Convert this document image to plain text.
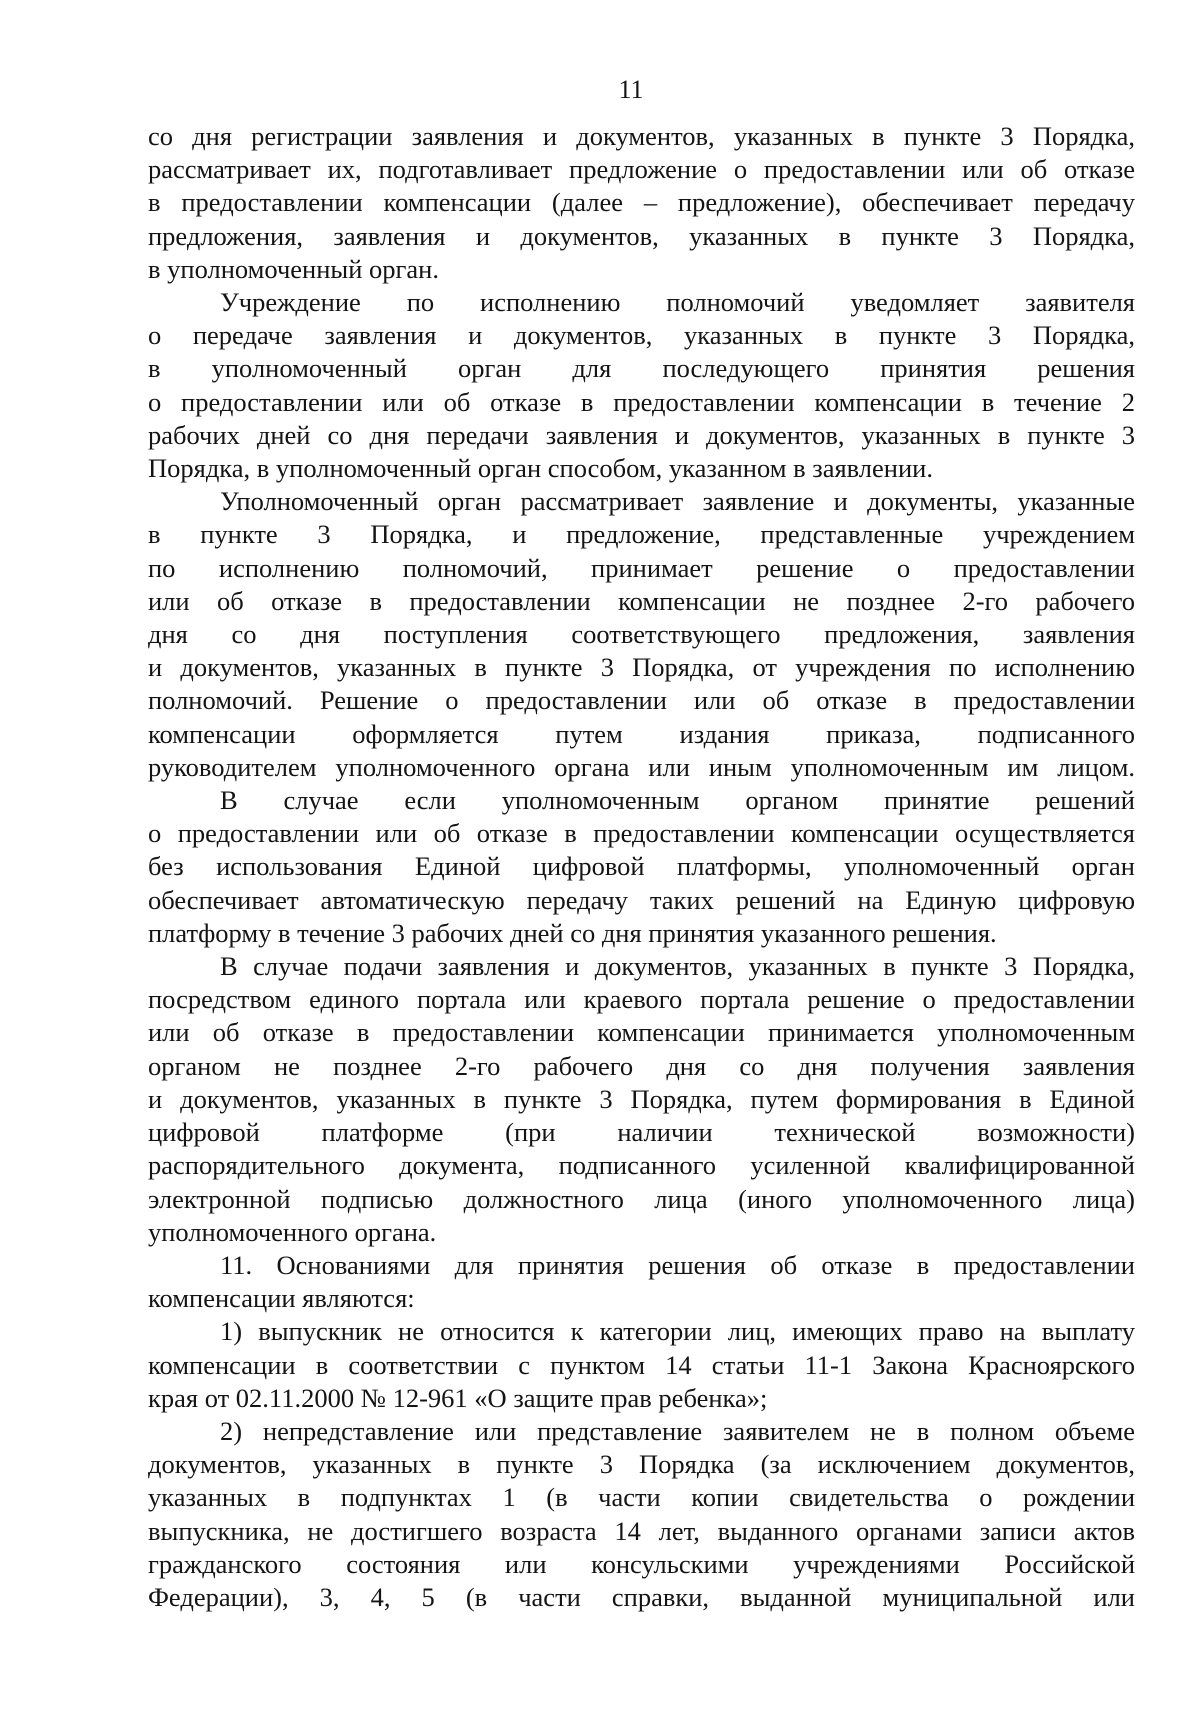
11
со дня регистрации заявления и документов, указанных в пункте 3 Порядка,
рассматривает их, подготавливает предложение о предоставлении или об отказе
в предоставлении компенсации (далее – предложение), обеспечивает передачу
предложения, заявления и документов, указанных в пункте 3 Порядка,
в уполномоченный орган.
Учреждение по исполнению полномочий уведомляет заявителя
о передаче заявления и документов, указанных в пункте 3 Порядка,
в уполномоченный орган для последующего принятия решения
о предоставлении или об отказе в предоставлении компенсации в течение 2
рабочих дней со дня передачи заявления и документов, указанных в пункте 3
Порядка, в уполномоченный орган способом, указанном в заявлении.
Уполномоченный орган рассматривает заявление и документы, указанные
в пункте 3 Порядка, и предложение, представленные учреждением
по исполнению полномочий, принимает решение о предоставлении
или об отказе в предоставлении компенсации не позднее 2-го рабочего
дня со дня поступления соответствующего предложения, заявления
и документов, указанных в пункте 3 Порядка, от учреждения по исполнению
полномочий. Решение о предоставлении или об отказе в предоставлении
компенсации оформляется путем издания приказа, подписанного
руководителем уполномоченного органа или иным уполномоченным им лицом.
В случае если уполномоченным органом принятие решений
о предоставлении или об отказе в предоставлении компенсации осуществляется
без использования Единой цифровой платформы, уполномоченный орган
обеспечивает автоматическую передачу таких решений на Единую цифровую
платформу в течение 3 рабочих дней со дня принятия указанного решения.
В случае подачи заявления и документов, указанных в пункте 3 Порядка,
посредством единого портала или краевого портала решение о предоставлении
или об отказе в предоставлении компенсации принимается уполномоченным
органом не позднее 2-го рабочего дня со дня получения заявления
и документов, указанных в пункте 3 Порядка, путем формирования в Единой
цифровой платформе (при наличии технической возможности)
распорядительного документа, подписанного усиленной квалифицированной
электронной подписью должностного лица (иного уполномоченного лица)
уполномоченного органа.
11. Основаниями для принятия решения об отказе в предоставлении
компенсации являются:
1) выпускник не относится к категории лиц, имеющих право на выплату
компенсации в соответствии с пунктом 14 статьи 11-1 Закона Красноярского
края от 02.11.2000 № 12-961 «О защите прав ребенка»;
2) непредставление или представление заявителем не в полном объеме
документов, указанных в пункте 3 Порядка (за исключением документов,
указанных в подпунктах 1 (в части копии свидетельства о рождении
выпускника, не достигшего возраста 14 лет, выданного органами записи актов
гражданского состояния или консульскими учреждениями Российской
Федерации), 3, 4, 5 (в части справки, выданной муниципальной или
